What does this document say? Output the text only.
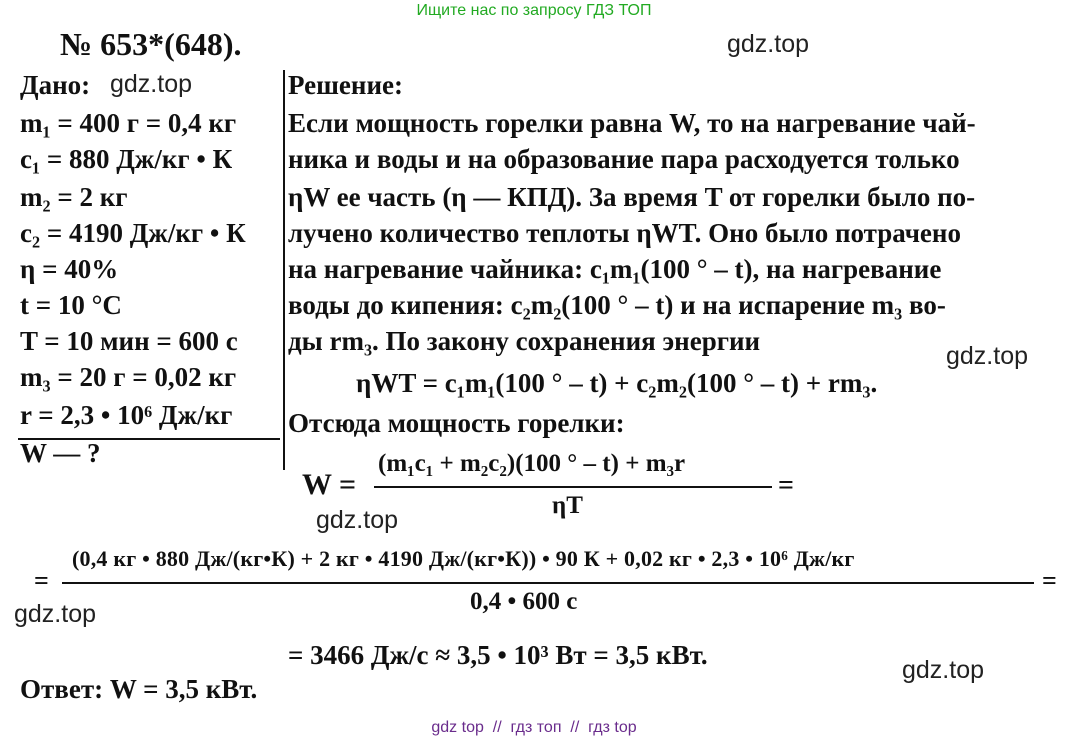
Ищите нас по запросу ГДЗ ТОП
№ 653*(648).	gdz.top
gdz.top
gdz.top
gdz.top
gdz.top
gdz.top
Дано:
m₁ = 400 г = 0,4 кг
c₁ = 880 Дж/кг • К
m₂ = 2 кг
c₂ = 4190 Дж/кг • К
η = 40%
t = 10 °C
T = 10 мин = 600 с
m₃ = 20 г = 0,02 кг
r = 2,3 • 10⁶ Дж/кг
W — ?
Решение:
Если мощность горелки равна W, то на нагревание чай-
ника и воды и на образование пара расходуется только
ηW ее часть (η — КПД). За время T от горелки было по-
лучено количество теплоты ηWT. Оно было потрачено
на нагревание чайника: c₁m₁(100 ° – t), на нагревание
воды до кипения: c₂m₂(100 ° – t) и на испарение m₃ во-
ды rm₃. По закону сохранения энергии
ηWT = c₁m₁(100 ° – t) + c₂m₂(100 ° – t) + rm₃.
Отсюда мощность горелки:
W =
(m₁c₁ + m₂c₂)(100 ° – t) + m₃r
ηT
=
=
(0,4 кг • 880 Дж/(кг•К) + 2 кг • 4190 Дж/(кг•К)) • 90 К + 0,02 кг • 2,3 • 10⁶ Дж/кг
0,4 • 600 с
=
= 3466 Дж/с ≈ 3,5 • 10³ Вт = 3,5 кВт.
Ответ: W = 3,5 кВт.
gdz top  //  гдз топ  //  гдз top
